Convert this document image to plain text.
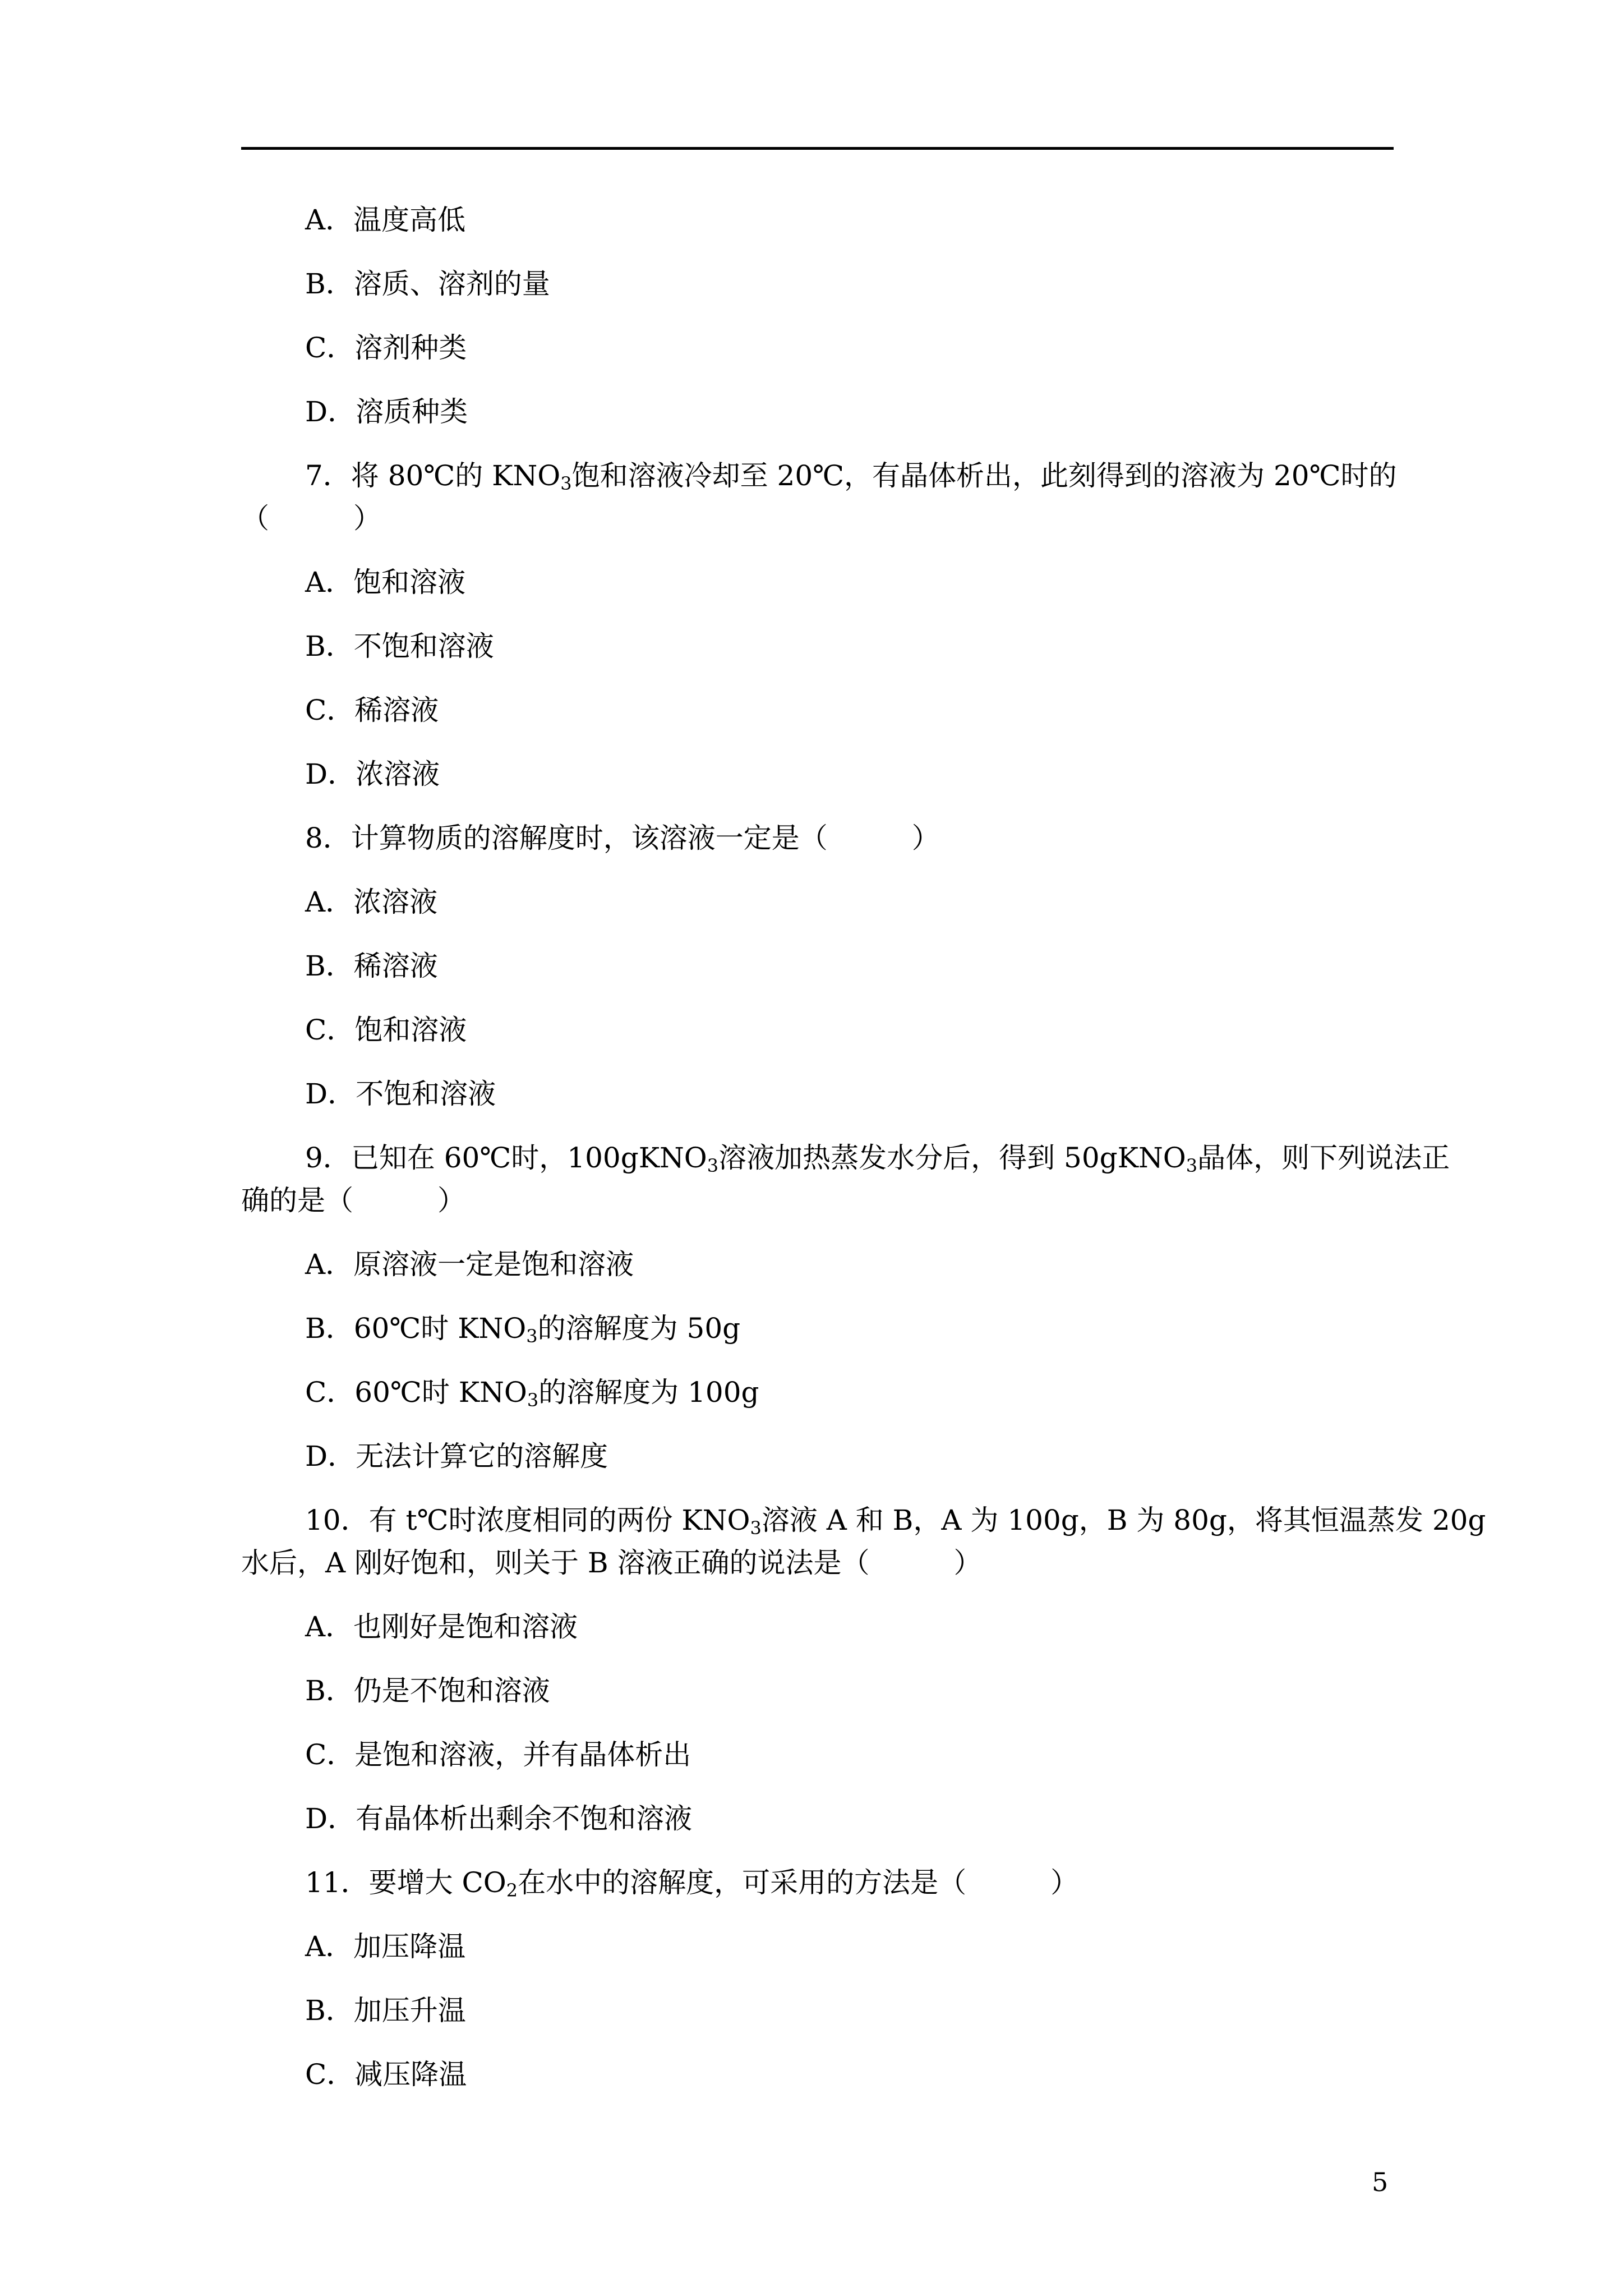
A．温度高低
B．溶质、溶剂的量
C．溶剂种类
D．溶质种类
7．将 80℃的 $KNO_3$饱和溶液冷却至 20℃，有晶体析出，此刻得到的溶液为 20℃时的
（　　　）
A．饱和溶液
B．不饱和溶液
C．稀溶液
D．浓溶液
8．计算物质的溶解度时，该溶液一定是（　　　）
A．浓溶液
B．稀溶液
C．饱和溶液
D．不饱和溶液
9．已知在 60℃时，100gKNO$_3$溶液加热蒸发水分后，得到 50gKNO$_3$晶体，则下列说法正
确的是（　　　）
A．原溶液一定是饱和溶液
B．60℃时 $KNO_3$的溶解度为 50g
C．60℃时 $KNO_3$的溶解度为 100g
D．无法计算它的溶解度
10．有 t℃时浓度相同的两份 $KNO_3$溶液 A 和 B，A 为 100g，B 为 80g，将其恒温蒸发 20g
水后，A 刚好饱和，则关于 B 溶液正确的说法是（　　　）
A．也刚好是饱和溶液
B．仍是不饱和溶液
C．是饱和溶液，并有晶体析出
D．有晶体析出剩余不饱和溶液
11．要增大 $CO_2$在水中的溶解度，可采用的方法是（　　　）
A．加压降温
B．加压升温
C．减压降温
5
